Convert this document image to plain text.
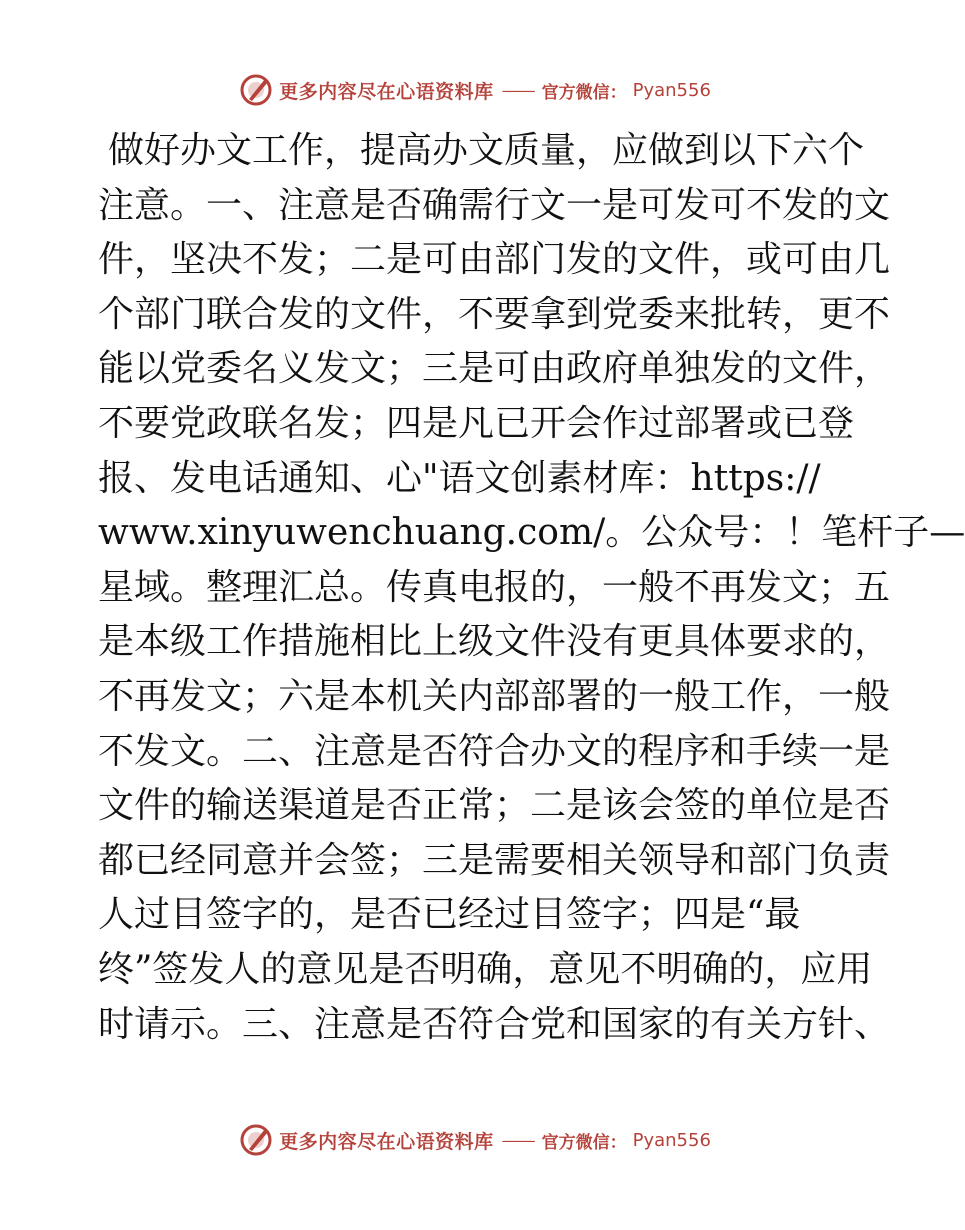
更多内容尽在心语资料库 —— 官方微信： Pyan556
做好办文工作，提高办文质量，应做到以下六个
注意。一、注意是否确需行文一是可发可不发的文
件，坚决不发；二是可由部门发的文件，或可由几
个部门联合发的文件，不要拿到党委来批转，更不
能以党委名义发文；三是可由政府单独发的文件，
不要党政联名发；四是凡已开会作过部署或已登
报、发电话通知、心"语文创素材库：https://
www.xinyuwenchuang.com/。公众号：！笔杆子—
星域。整理汇总。传真电报的，一般不再发文；五
是本级工作措施相比上级文件没有更具体要求的，
不再发文；六是本机关内部部署的一般工作，一般
不发文。二、注意是否符合办文的程序和手续一是
文件的输送渠道是否正常；二是该会签的单位是否
都已经同意并会签；三是需要相关领导和部门负责
人过目签字的，是否已经过目签字；四是“最
终”签发人的意见是否明确，意见不明确的，应用
时请示。三、注意是否符合党和国家的有关方针、
更多内容尽在心语资料库 —— 官方微信： Pyan556
